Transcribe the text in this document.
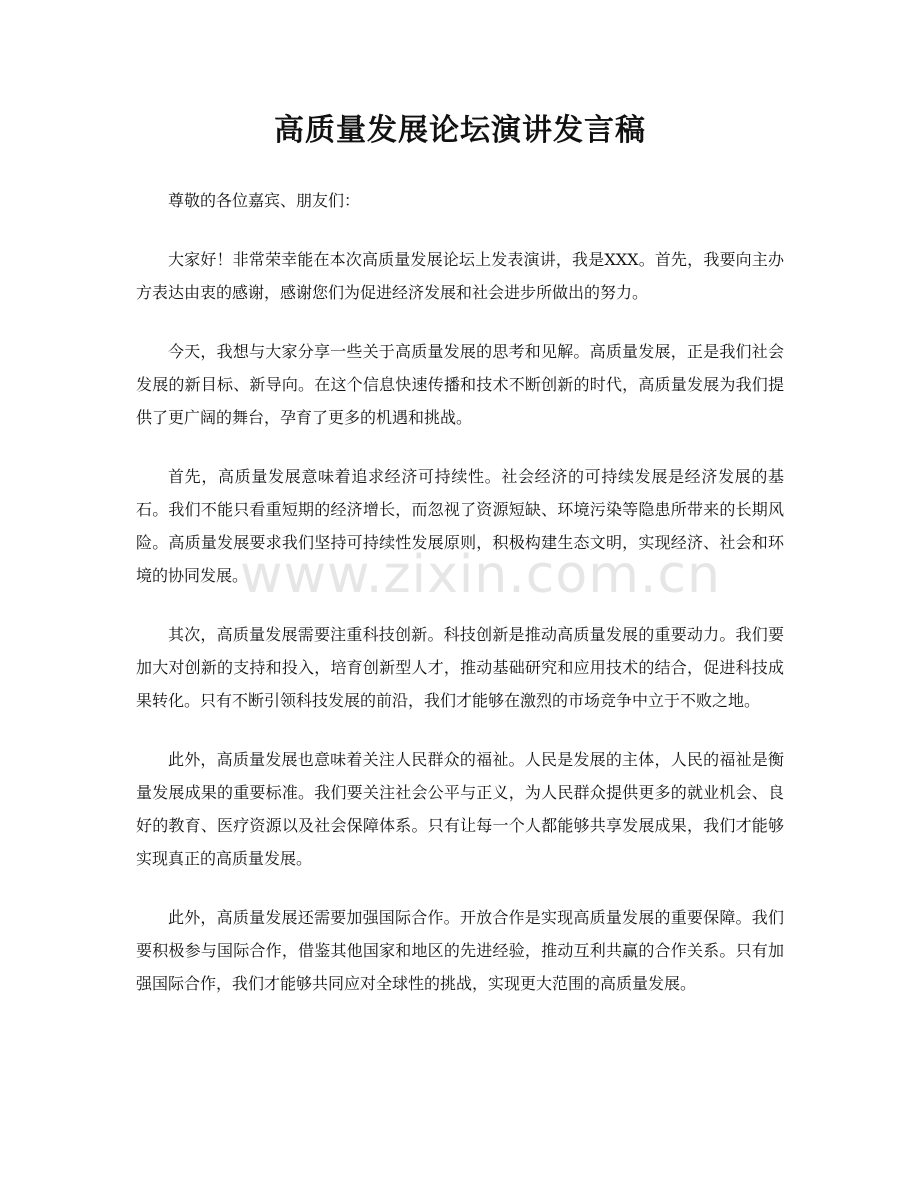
www.zixin.com.cn
高质量发展论坛演讲发言稿

尊敬的各位嘉宾、朋友们：

大家好！非常荣幸能在本次高质量发展论坛上发表演讲，我是XXX。首先，我要向主办方表达由衷的感谢，感谢您们为促进经济发展和社会进步所做出的努力。

今天，我想与大家分享一些关于高质量发展的思考和见解。高质量发展，正是我们社会发展的新目标、新导向。在这个信息快速传播和技术不断创新的时代，高质量发展为我们提供了更广阔的舞台，孕育了更多的机遇和挑战。

首先，高质量发展意味着追求经济可持续性。社会经济的可持续发展是经济发展的基石。我们不能只看重短期的经济增长，而忽视了资源短缺、环境污染等隐患所带来的长期风险。高质量发展要求我们坚持可持续性发展原则，积极构建生态文明，实现经济、社会和环境的协同发展。

其次，高质量发展需要注重科技创新。科技创新是推动高质量发展的重要动力。我们要加大对创新的支持和投入，培育创新型人才，推动基础研究和应用技术的结合，促进科技成果转化。只有不断引领科技发展的前沿，我们才能够在激烈的市场竞争中立于不败之地。

此外，高质量发展也意味着关注人民群众的福祉。人民是发展的主体，人民的福祉是衡量发展成果的重要标准。我们要关注社会公平与正义，为人民群众提供更多的就业机会、良好的教育、医疗资源以及社会保障体系。只有让每一个人都能够共享发展成果，我们才能够实现真正的高质量发展。

此外，高质量发展还需要加强国际合作。开放合作是实现高质量发展的重要保障。我们要积极参与国际合作，借鉴其他国家和地区的先进经验，推动互利共赢的合作关系。只有加强国际合作，我们才能够共同应对全球性的挑战，实现更大范围的高质量发展。
